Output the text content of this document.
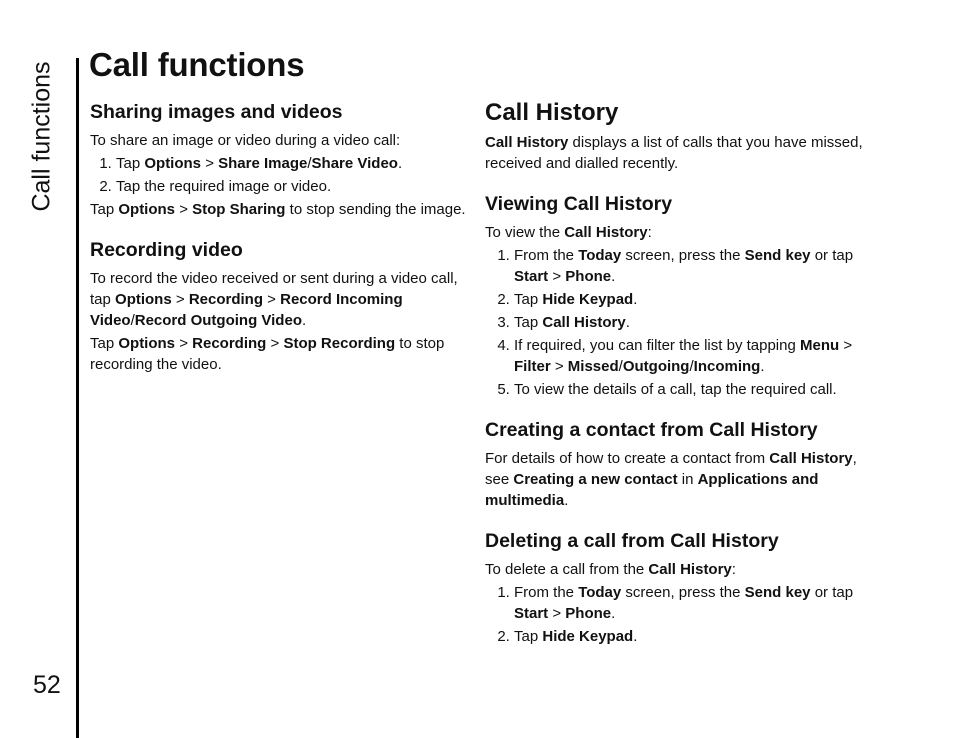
Call functions
52
Call functions
Sharing images and videos

To share an image or video during a video call:

1. Tap Options > Share Image/Share Video.
2. Tap the required image or video.

Tap Options > Stop Sharing to stop sending the image.

Recording video

To record the video received or sent during a video call, tap Options > Recording > Record Incoming Video/Record Outgoing Video.

Tap Options > Recording > Stop Recording to stop recording the video.

Call History

Call History displays a list of calls that you have missed, received and dialled recently.

Viewing Call History

To view the Call History:

1. From the Today screen, press the Send key or tap Start > Phone.
2. Tap Hide Keypad.
3. Tap Call History.
4. If required, you can filter the list by tapping Menu > Filter > Missed/Outgoing/Incoming.
5. To view the details of a call, tap the required call.
Creating a contact from Call History

For details of how to create a contact from Call History, see Creating a new contact in Applications and multimedia.

Deleting a call from Call History

To delete a call from the Call History:

1. From the Today screen, press the Send key or tap Start > Phone.
2. Tap Hide Keypad.
